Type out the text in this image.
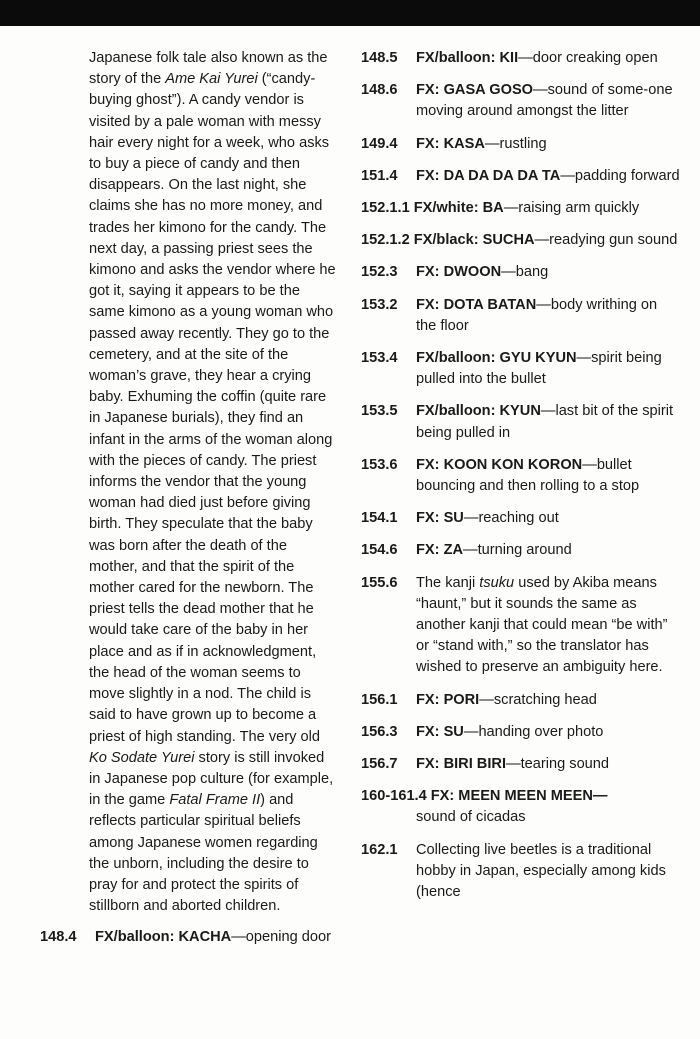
Japanese folk tale also known as the story of the Ame Kai Yurei (“candy-buying ghost”). A candy vendor is visited by a pale woman with messy hair every night for a week, who asks to buy a piece of candy and then disappears. On the last night, she claims she has no more money, and trades her kimono for the candy. The next day, a passing priest sees the kimono and asks the vendor where he got it, saying it appears to be the same kimono as a young woman who passed away recently. They go to the cemetery, and at the site of the woman’s grave, they hear a crying baby. Exhuming the coffin (quite rare in Japanese burials), they find an infant in the arms of the woman along with the pieces of candy. The priest informs the vendor that the young woman had died just before giving birth. They speculate that the baby was born after the death of the mother, and that the spirit of the mother cared for the newborn. The priest tells the dead mother that he would take care of the baby in her place and as if in acknowledgment, the head of the woman seems to move slightly in a nod. The child is said to have grown up to become a priest of high standing. The very old Ko Sodate Yurei story is still invoked in Japanese pop culture (for example, in the game Fatal Frame II) and reflects particular spiritual beliefs among Japanese women regarding the unborn, including the desire to pray for and protect the spirits of stillborn and aborted children.

148.4	FX/balloon: KACHA—opening door
148.5	FX/balloon: KII—door creaking open
148.6	FX: GASA GOSO—sound of some-one moving around amongst the litter
149.4	FX: KASA—rustling
151.4	FX: DA DA DA DA TA—padding forward
152.1.1 FX/white: BA—raising arm quickly
152.1.2 FX/black: SUCHA—readying gun sound
152.3	FX: DWOON—bang
153.2	FX: DOTA BATAN—body writhing on the floor
153.4	FX/balloon: GYU KYUN—spirit being pulled into the bullet
153.5	FX/balloon: KYUN—last bit of the spirit being pulled in
153.6	FX: KOON KON KORON—bullet bouncing and then rolling to a stop
154.1	FX: SU—reaching out
154.6	FX: ZA—turning around
155.6	The kanji tsuku used by Akiba means “haunt,” but it sounds the same as another kanji that could mean “be with” or “stand with,” so the translator has wished to preserve an ambiguity here.
156.1	FX: PORI—scratching head
156.3	FX: SU—handing over photo
156.7	FX: BIRI BIRI—tearing sound
160-161.4 FX: MEEN MEEN MEEN—
sound of cicadas
162.1	Collecting live beetles is a traditional hobby in Japan, especially among kids (hence
